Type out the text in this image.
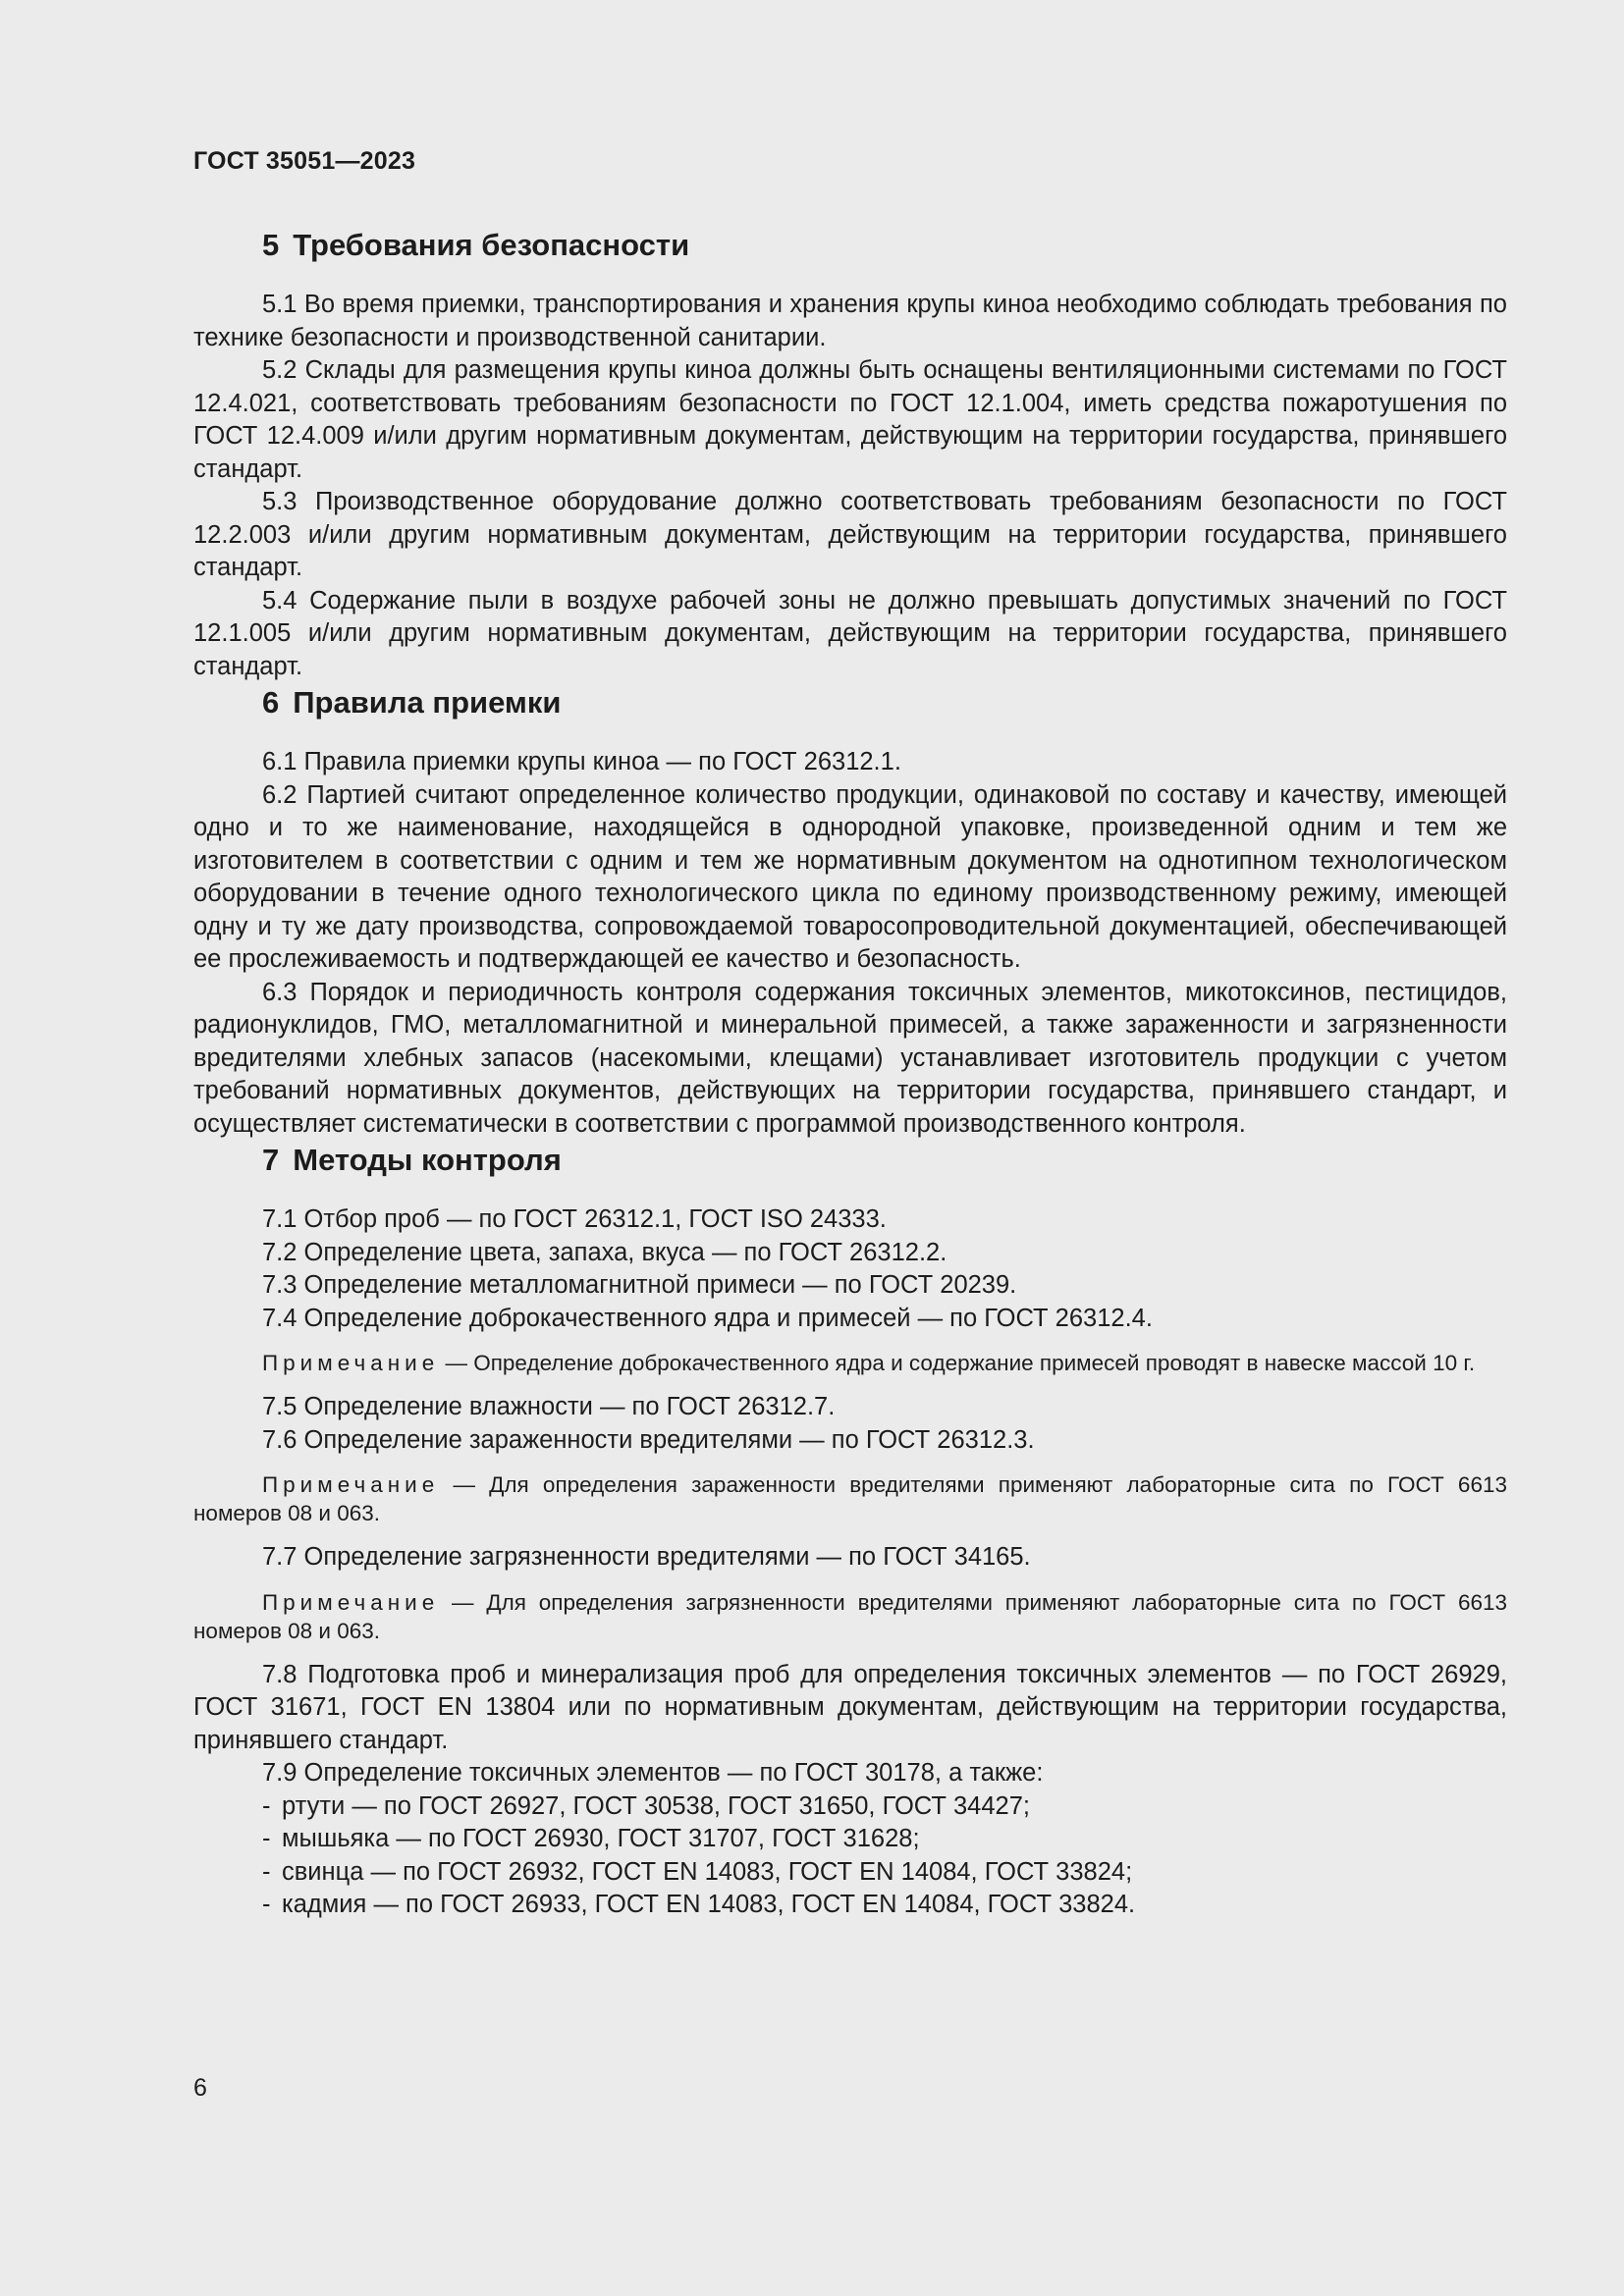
ГОСТ 35051—2023
5 Требования безопасности

5.1 Во время приемки, транспортирования и хранения крупы киноа необходимо соблюдать требования по технике безопасности и производственной санитарии.

5.2 Склады для размещения крупы киноа должны быть оснащены вентиляционными системами по ГОСТ 12.4.021, соответствовать требованиям безопасности по ГОСТ 12.1.004, иметь средства пожаротушения по ГОСТ 12.4.009 и/или другим нормативным документам, действующим на территории государства, принявшего стандарт.

5.3 Производственное оборудование должно соответствовать требованиям безопасности по ГОСТ 12.2.003 и/или другим нормативным документам, действующим на территории государства, принявшего стандарт.

5.4 Содержание пыли в воздухе рабочей зоны не должно превышать допустимых значений по ГОСТ 12.1.005 и/или другим нормативным документам, действующим на территории государства, принявшего стандарт.

6 Правила приемки

6.1 Правила приемки крупы киноа — по ГОСТ 26312.1.

6.2 Партией считают определенное количество продукции, одинаковой по составу и качеству, имеющей одно и то же наименование, находящейся в однородной упаковке, произведенной одним и тем же изготовителем в соответствии с одним и тем же нормативным документом на однотипном технологическом оборудовании в течение одного технологического цикла по единому производственному режиму, имеющей одну и ту же дату производства, сопровождаемой товаросопроводительной документацией, обеспечивающей ее прослеживаемость и подтверждающей ее качество и безопасность.

6.3 Порядок и периодичность контроля содержания токсичных элементов, микотоксинов, пестицидов, радионуклидов, ГМО, металломагнитной и минеральной примесей, а также зараженности и загрязненности вредителями хлебных запасов (насекомыми, клещами) устанавливает изготовитель продукции с учетом требований нормативных документов, действующих на территории государства, принявшего стандарт, и осуществляет систематически в соответствии с программой производственного контроля.

7 Методы контроля

7.1 Отбор проб — по ГОСТ 26312.1, ГОСТ ISO 24333.

7.2 Определение цвета, запаха, вкуса — по ГОСТ 26312.2.

7.3 Определение металломагнитной примеси — по ГОСТ 20239.

7.4 Определение доброкачественного ядра и примесей — по ГОСТ 26312.4.

Примечание — Определение доброкачественного ядра и содержание примесей проводят в навеске массой 10 г.

7.5 Определение влажности — по ГОСТ 26312.7.

7.6 Определение зараженности вредителями — по ГОСТ 26312.3.

Примечание — Для определения зараженности вредителями применяют лабораторные сита по ГОСТ 6613 номеров 08 и 063.

7.7 Определение загрязненности вредителями — по ГОСТ 34165.

Примечание — Для определения загрязненности вредителями применяют лабораторные сита по ГОСТ 6613 номеров 08 и 063.

7.8 Подготовка проб и минерализация проб для определения токсичных элементов — по ГОСТ 26929, ГОСТ 31671, ГОСТ EN 13804 или по нормативным документам, действующим на территории государства, принявшего стандарт.

7.9 Определение токсичных элементов — по ГОСТ 30178, а также:

- ртути — по ГОСТ 26927, ГОСТ 30538, ГОСТ 31650, ГОСТ 34427;

- мышьяка — по ГОСТ 26930, ГОСТ 31707, ГОСТ 31628;

- свинца — по ГОСТ 26932, ГОСТ EN 14083, ГОСТ EN 14084, ГОСТ 33824;

- кадмия — по ГОСТ 26933, ГОСТ EN 14083, ГОСТ EN 14084, ГОСТ 33824.

6
